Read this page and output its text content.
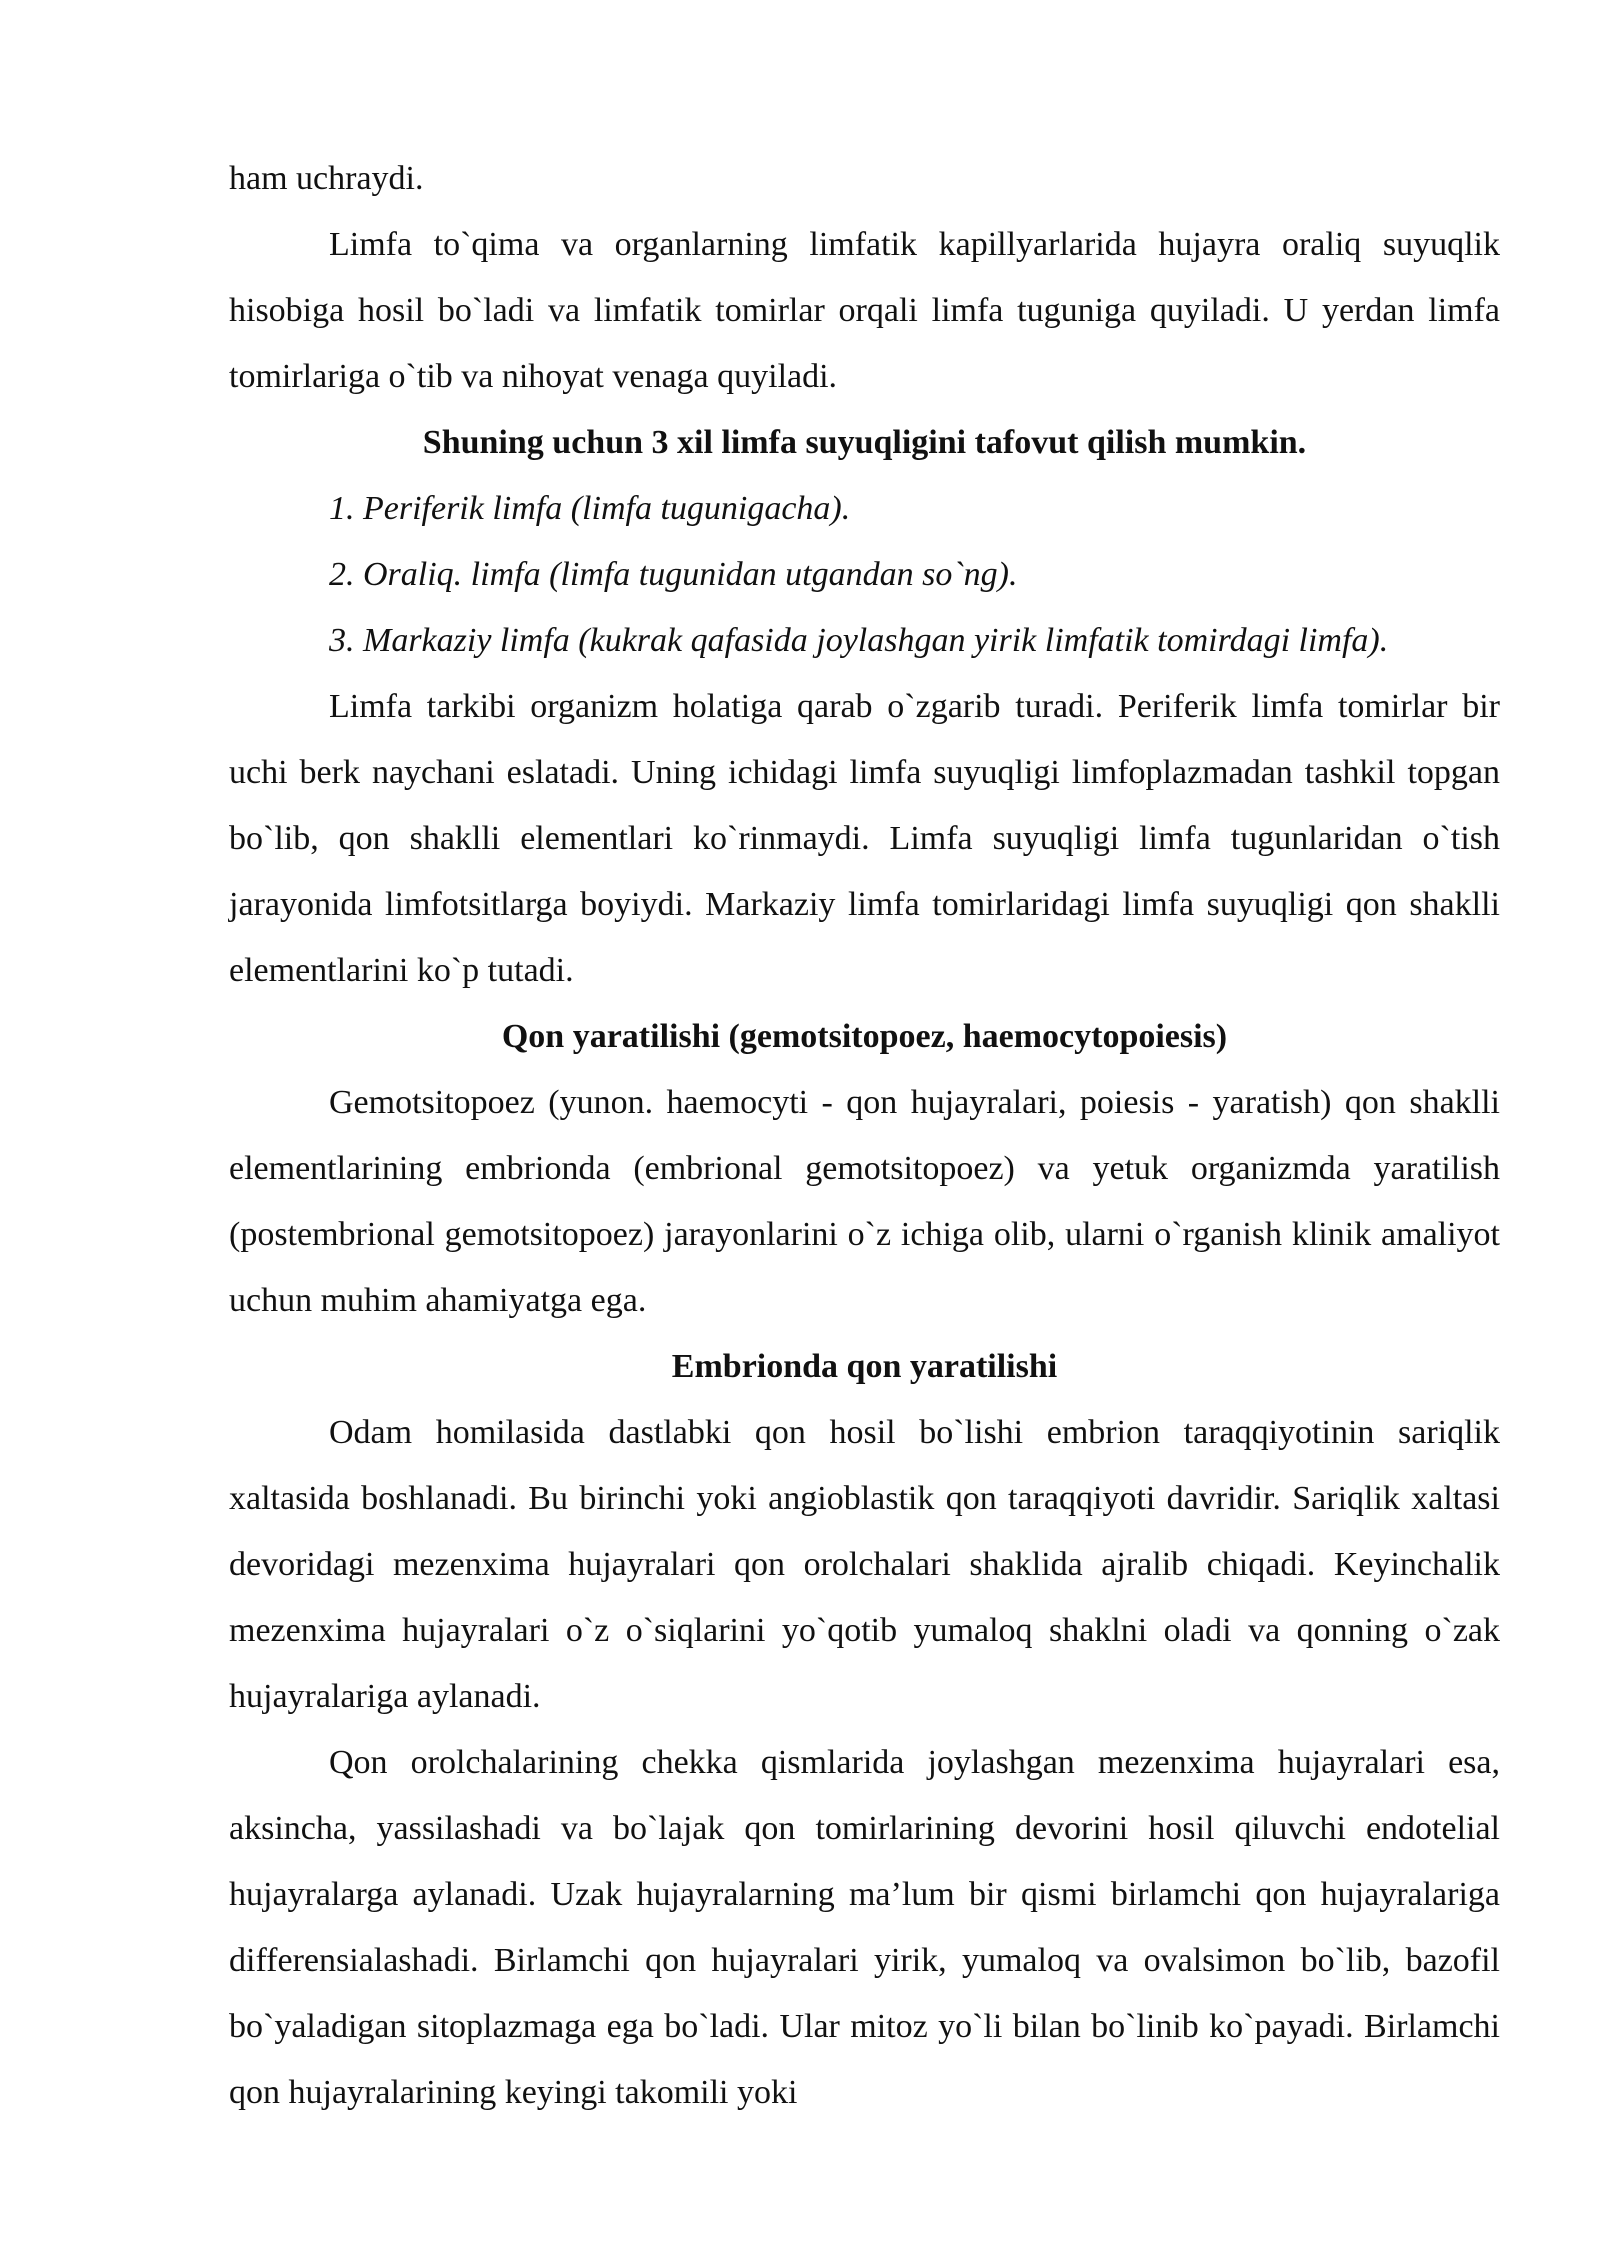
ham uchraydi.

Limfa to`qima va organlarning limfatik kapillyarlarida hujayra oraliq suyuqlik hisobiga hosil bo`ladi va limfatik tomirlar orqali limfa tuguniga quyiladi. U yerdan limfa tomirlariga o`tib va nihoyat venaga quyiladi.

Shuning uchun 3 xil limfa suyuqligini tafovut qilish mumkin.

1. Periferik limfa (limfa tugunigacha).

2. Oraliq. limfa (limfa tugunidan utgandan so`ng).

3. Markaziy limfa (kukrak qafasida joylashgan yirik limfatik tomirdagi limfa).

Limfa tarkibi organizm holatiga qarab o`zgarib turadi. Periferik limfa tomirlar bir uchi berk naychani eslatadi. Uning ichidagi limfa suyuqligi limfoplazmadan tashkil topgan bo`lib, qon shaklli elementlari ko`rinmaydi. Limfa suyuqligi limfa tugunlaridan o`tish jarayonida limfotsitlarga boyiydi. Markaziy limfa tomirlaridagi limfa suyuqligi qon shaklli elementlarini ko`p tutadi.

Qon yaratilishi (gemotsitopoez, haemocytopoiesis)

Gemotsitopoez (yunon. haemocyti - qon hujayralari, poiesis - yaratish) qon shaklli elementlarining embrionda (embrional gemotsitopoez) va yetuk organizmda yaratilish (postembrional gemotsitopoez) jarayonlarini o`z ichiga olib, ularni o`rganish klinik amaliyot uchun muhim ahamiyatga ega.

Embrionda qon yaratilishi

Odam homilasida dastlabki qon hosil bo`lishi embrion taraqqiyotinin sariqlik xaltasida boshlanadi. Bu birinchi yoki angioblastik qon taraqqiyoti davridir. Sariqlik xaltasi devoridagi mezenxima hujayralari qon orolchalari shaklida ajralib chiqadi. Keyinchalik mezenxima hujayralari o`z o`siqlarini yo`qotib yumaloq shaklni oladi va qonning o`zak hujayralariga aylanadi.

Qon orolchalarining chekka qismlarida joylashgan mezenxima hujayralari esa, aksincha, yassilashadi va bo`lajak qon tomirlarining devorini hosil qiluvchi endotelial hujayralarga aylanadi. Uzak hujayralarning ma’lum bir qismi birlamchi qon hujayralariga differensialashadi. Birlamchi qon hujayralari yirik, yumaloq va ovalsimon bo`lib, bazofil bo`yaladigan sitoplazmaga ega bo`ladi. Ular mitoz yo`li bilan bo`linib ko`payadi. Birlamchi qon hujayralarining keyingi takomili yoki
